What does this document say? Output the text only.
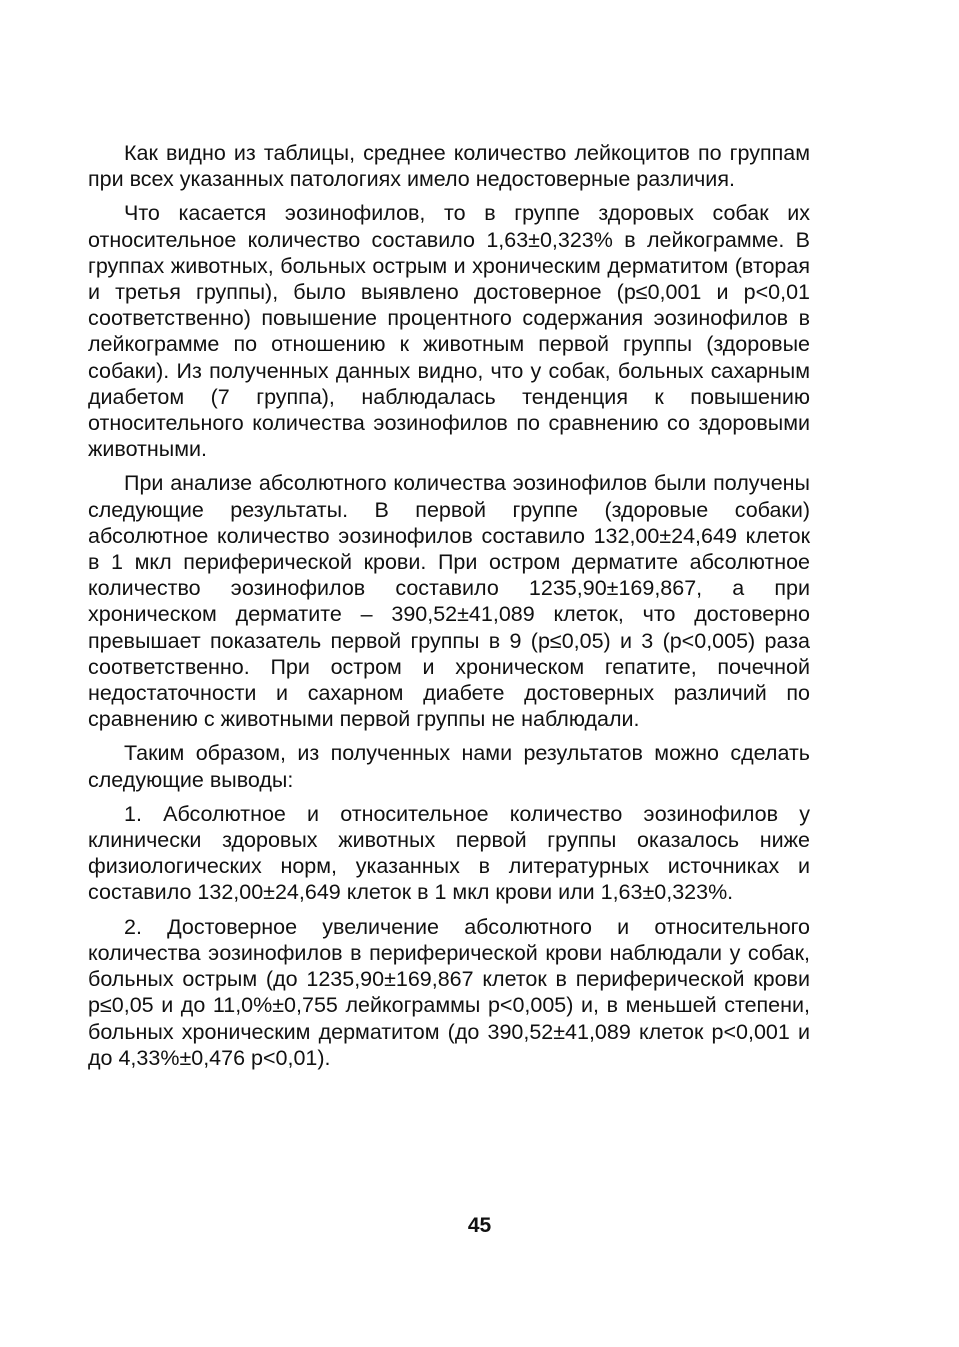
Как видно из таблицы, среднее количество лейкоцитов по группам при всех указанных патологиях имело недостоверные различия.

Что касается эозинофилов, то в группе здоровых собак их относительное количество составило 1,63±0,323% в лейкограмме. В группах животных, больных острым и хроническим дерматитом (вторая и третья группы), было выявлено достоверное (p≤0,001 и p<0,01 соответственно) повышение процентного содержания эозинофилов в лейкограмме по отношению к животным первой группы (здоровые собаки). Из полученных данных видно, что у собак, больных сахарным диабетом (7 группа), наблюдалась тенденция к повышению относительного количества эозинофилов по сравнению со здоровыми животными.

При анализе абсолютного количества эозинофилов были получены следующие результаты. В первой группе (здоровые собаки) абсолютное количество эозинофилов составило 132,00±24,649 клеток в 1 мкл периферической крови. При остром дерматите абсолютное количество эозинофилов составило 1235,90±169,867, а при хроническом дерматите – 390,52±41,089 клеток, что достоверно превышает показатель первой группы в 9 (p≤0,05) и 3 (p<0,005) раза соответственно. При остром и хроническом гепатите, почечной недостаточности и сахарном диабете достоверных различий по сравнению с животными первой группы не наблюдали.

Таким образом, из полученных нами результатов можно сделать следующие выводы:

1. Абсолютное и относительное количество эозинофилов у клинически здоровых животных первой группы оказалось ниже физиологических норм, указанных в литературных источниках и составило 132,00±24,649 клеток в 1 мкл крови или 1,63±0,323%.

2. Достоверное увеличение абсолютного и относительного количества эозинофилов в периферической крови наблюдали у собак, больных острым (до 1235,90±169,867 клеток в периферической крови p≤0,05 и до 11,0%±0,755 лейкограммы p<0,005) и, в меньшей степени, больных хроническим дерматитом (до 390,52±41,089 клеток p<0,001 и до 4,33%±0,476 p<0,01).

45
